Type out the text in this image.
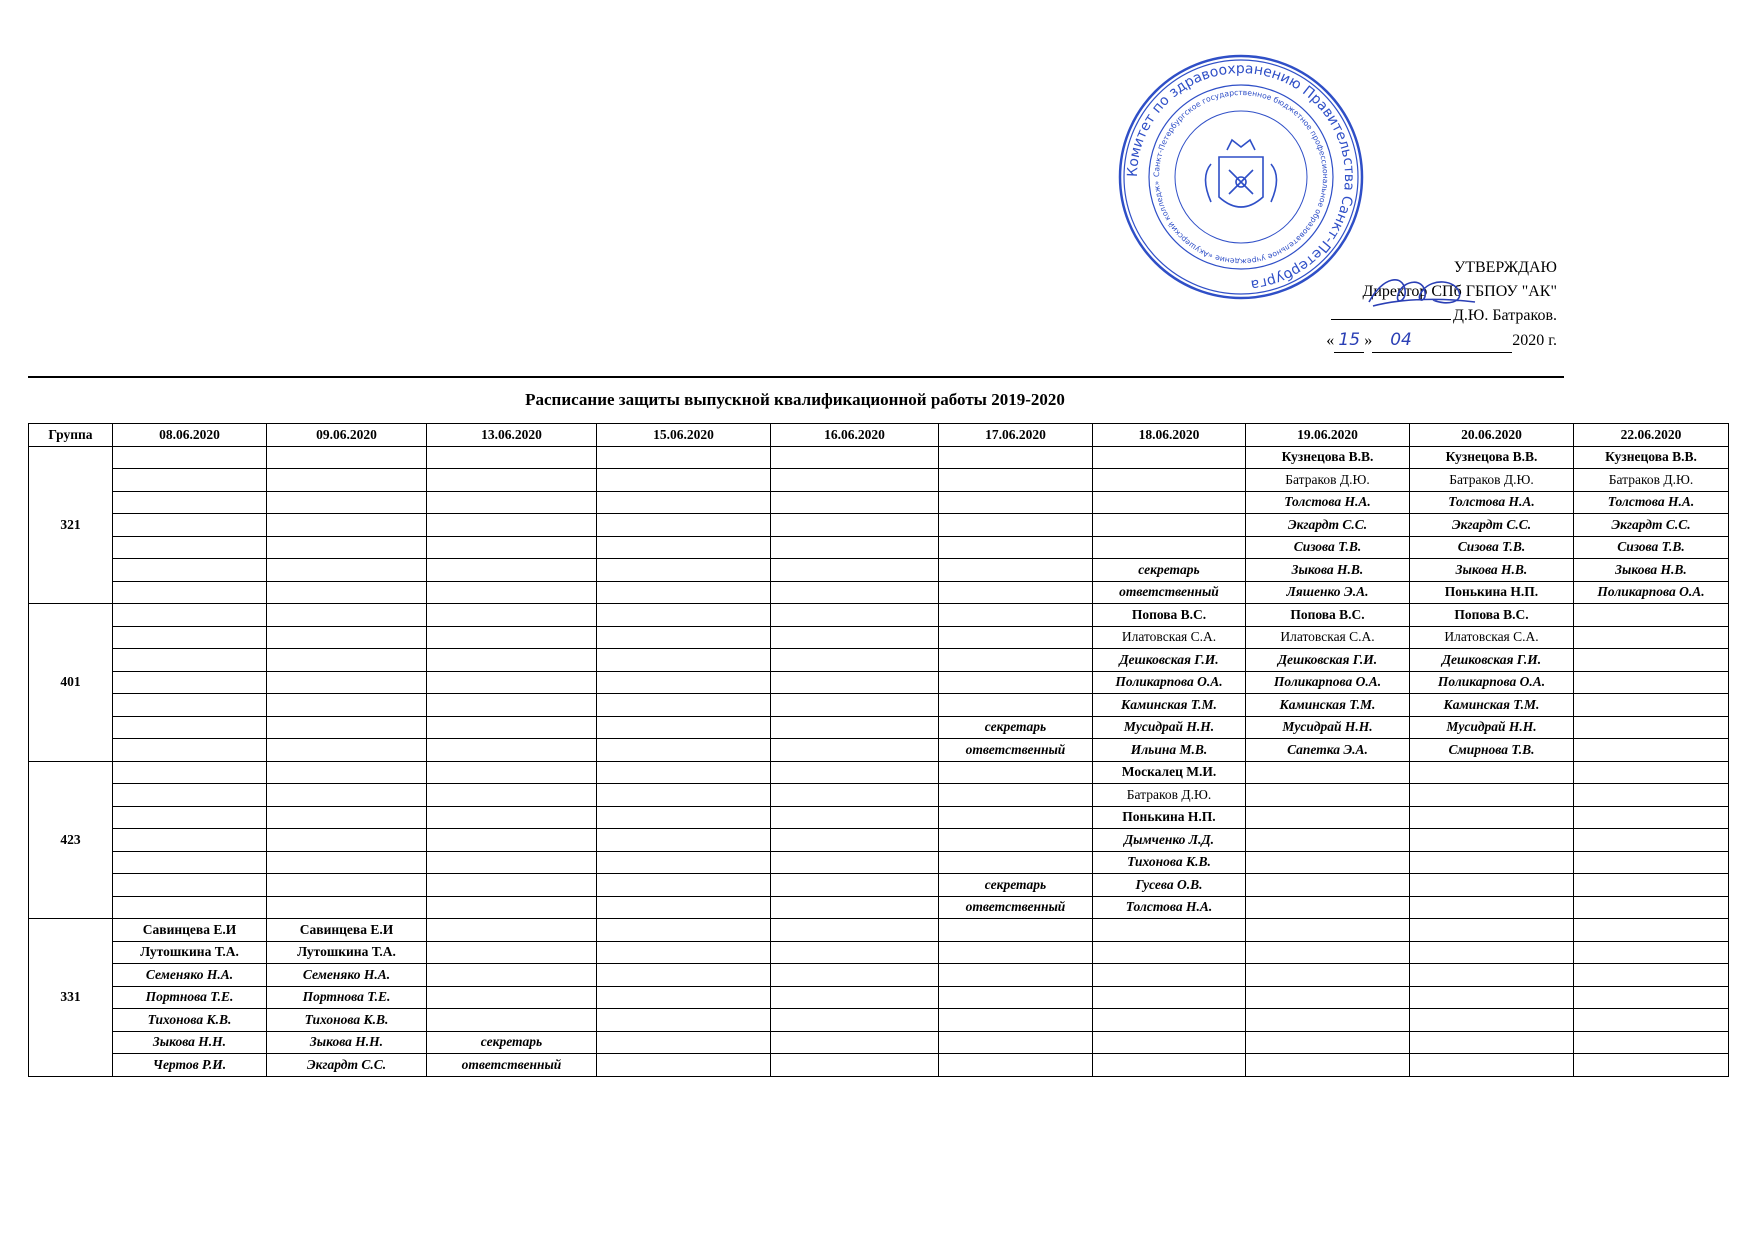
Комитет по здравоохранению Правительства Санкт-Петербурга
Санкт-Петербургское государственное бюджетное профессиональное образовательное учреждение «Акушерский колледж»
УТВЕРЖДАЮ
Директор СПб ГБПОУ "АК"
Д.Ю. Батраков.
« 15 » 04	2020 г.
Расписание защиты выпускной квалификационной работы 2019-2020
Группа	08.06.2020	09.06.2020	13.06.2020	15.06.2020	16.06.2020	17.06.2020	18.06.2020	19.06.2020	20.06.2020	22.06.2020
321								Кузнецова В.В.	Кузнецова В.В.	Кузнецова В.В.
								Батраков Д.Ю.	Батраков Д.Ю.	Батраков Д.Ю.
								Толстова Н.А.	Толстова Н.А.	Толстова Н.А.
								Экгардт С.С.	Экгардт С.С.	Экгардт С.С.
								Сизова Т.В.	Сизова Т.В.	Сизова Т.В.
							секретарь	Зыкова Н.В.	Зыкова Н.В.	Зыкова Н.В.
							ответственный	Ляшенко Э.А.	Понькина Н.П.	Поликарпова О.А.
401							Попова В.С.	Попова В.С.	Попова В.С.	
							Илатовская С.А.	Илатовская С.А.	Илатовская С.А.	
							Дешковская Г.И.	Дешковская Г.И.	Дешковская Г.И.	
							Поликарпова О.А.	Поликарпова О.А.	Поликарпова О.А.	
							Каминская Т.М.	Каминская Т.М.	Каминская Т.М.	
						секретарь	Мусидрай Н.Н.	Мусидрай Н.Н.	Мусидрай Н.Н.	
						ответственный	Ильина М.В.	Сапетка Э.А.	Смирнова Т.В.	
423							Москалец М.И.			
							Батраков Д.Ю.			
							Понькина Н.П.			
							Дымченко Л.Д.			
							Тихонова К.В.			
						секретарь	Гусева О.В.			
						ответственный	Толстова Н.А.			
331	Савинцева Е.И	Савинцева Е.И								
	Лутошкина Т.А.	Лутошкина Т.А.								
	Семеняко Н.А.	Семеняко Н.А.								
	Портнова Т.Е.	Портнова Т.Е.								
	Тихонова К.В.	Тихонова К.В.								
	Зыкова Н.Н.	Зыкова Н.Н.	секретарь							
	Чертов Р.И.	Экгардт С.С.	ответственный							
